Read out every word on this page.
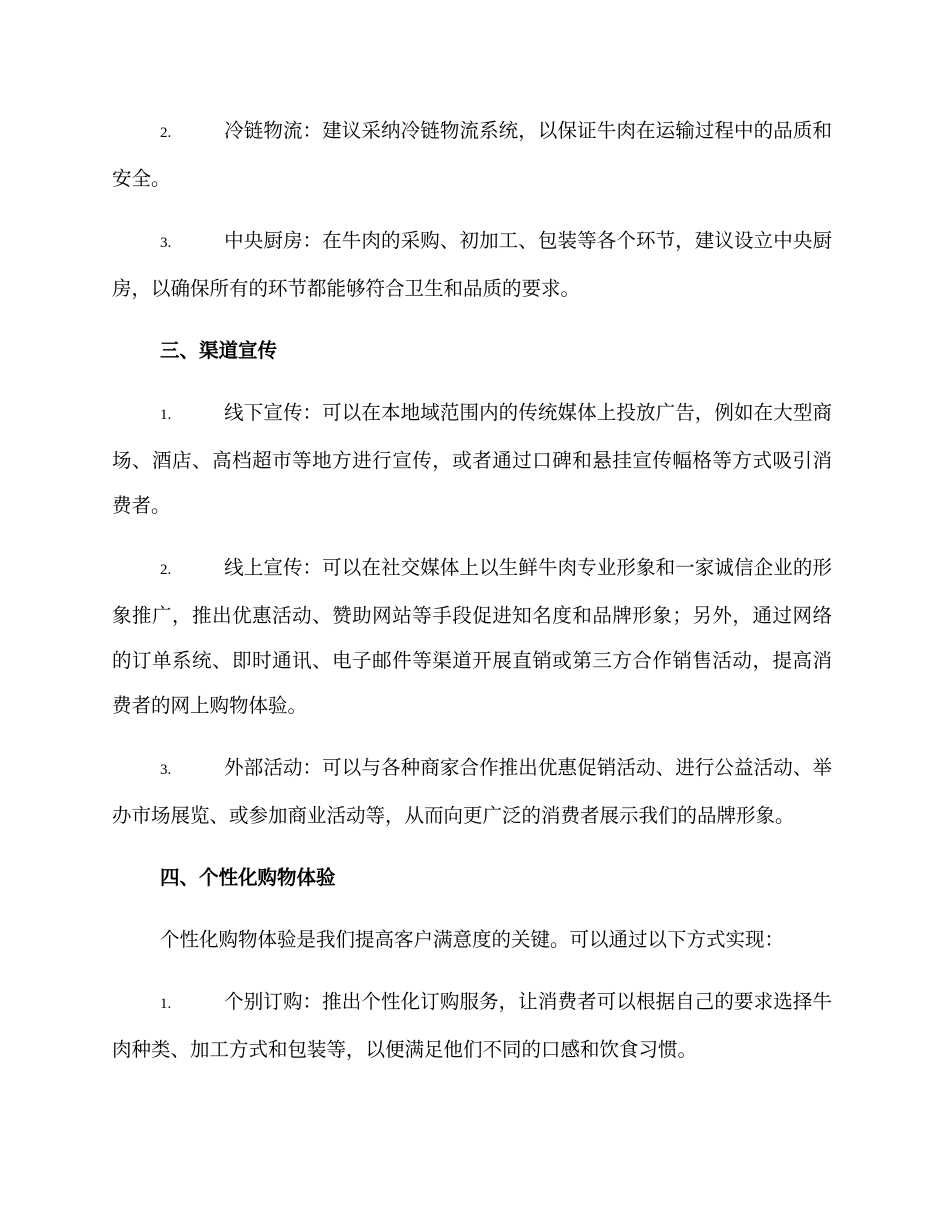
2.	冷链物流：建议采纳冷链物流系统，以保证牛肉在运输过程中的品质和安全。

3.	中央厨房：在牛肉的采购、初加工、包装等各个环节，建议设立中央厨房，以确保所有的环节都能够符合卫生和品质的要求。

三、渠道宣传

1.	线下宣传：可以在本地域范围内的传统媒体上投放广告，例如在大型商场、酒店、高档超市等地方进行宣传，或者通过口碑和悬挂宣传幅格等方式吸引消费者。

2.	线上宣传：可以在社交媒体上以生鲜牛肉专业形象和一家诚信企业的形象推广，推出优惠活动、赞助网站等手段促进知名度和品牌形象；另外，通过网络的订单系统、即时通讯、电子邮件等渠道开展直销或第三方合作销售活动，提高消费者的网上购物体验。

3.	外部活动：可以与各种商家合作推出优惠促销活动、进行公益活动、举办市场展览、或参加商业活动等，从而向更广泛的消费者展示我们的品牌形象。

四、个性化购物体验

个性化购物体验是我们提高客户满意度的关键。可以通过以下方式实现：

1.	个别订购：推出个性化订购服务，让消费者可以根据自己的要求选择牛肉种类、加工方式和包装等，以便满足他们不同的口感和饮食习惯。
